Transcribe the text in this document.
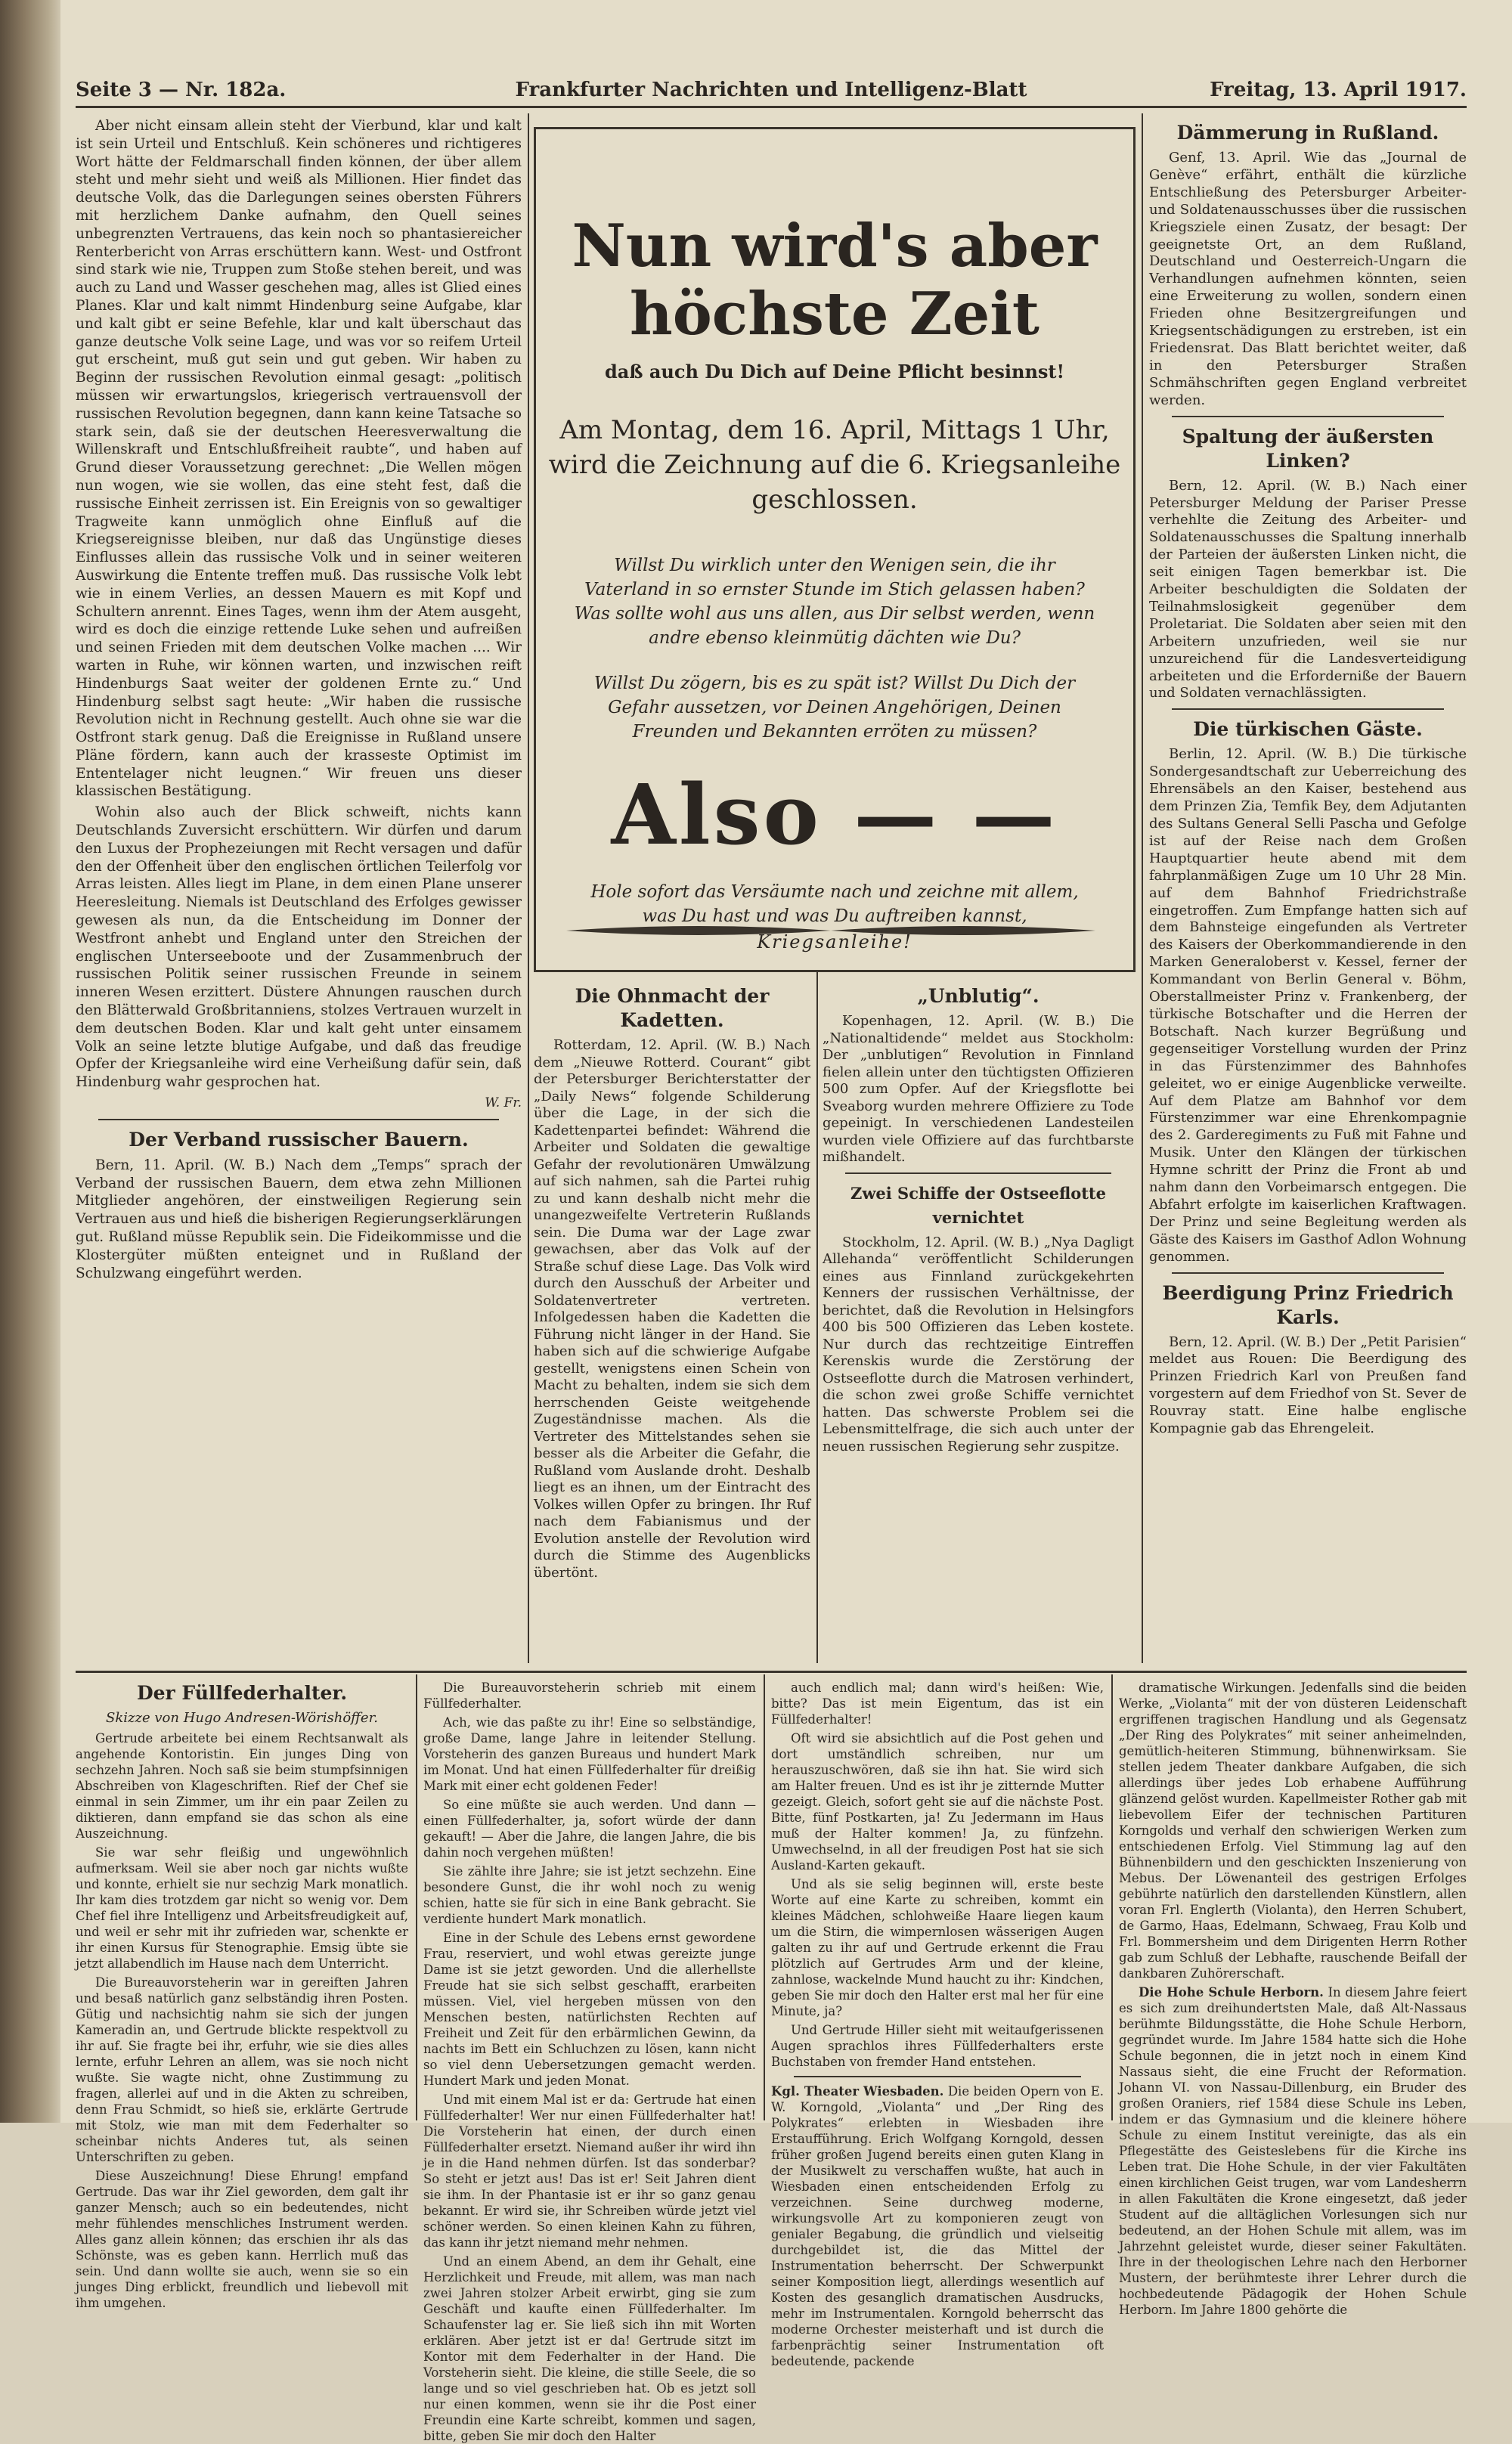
Seite 3 — Nr. 182a.	Frankfurter Nachrichten und Intelligenz-Blatt	Freitag, 13. April 1917.

Aber nicht einsam allein steht der Vierbund, klar und kalt ist sein Urteil und Entschluß. Kein schöneres und richtigeres Wort hätte der Feldmarschall finden können, der über allem steht und mehr sieht und weiß als Millionen. Hier findet das deutsche Volk, das die Darlegungen seines obersten Führers mit herzlichem Danke aufnahm, den Quell seines unbegrenzten Vertrauens, das kein noch so phantasiereicher Renterbericht von Arras erschüttern kann. West- und Ostfront sind stark wie nie, Truppen zum Stoße stehen bereit, und was auch zu Land und Wasser geschehen mag, alles ist Glied eines Planes. Klar und kalt nimmt Hindenburg seine Aufgabe, klar und kalt gibt er seine Befehle, klar und kalt überschaut das ganze deutsche Volk seine Lage, und was vor so reifem Urteil gut erscheint, muß gut sein und gut geben. Wir haben zu Beginn der russischen Revolution einmal gesagt: „politisch müssen wir erwartungslos, kriegerisch vertrauensvoll der russischen Revolution begegnen, dann kann keine Tatsache so stark sein, daß sie der deutschen Heeresverwaltung die Willenskraft und Entschlußfreiheit raubte“, und haben auf Grund dieser Voraussetzung gerechnet: „Die Wellen mögen nun wogen, wie sie wollen, das eine steht fest, daß die russische Einheit zerrissen ist. Ein Ereignis von so gewaltiger Tragweite kann unmöglich ohne Einfluß auf die Kriegsereignisse bleiben, nur daß das Ungünstige dieses Einflusses allein das russische Volk und in seiner weiteren Auswirkung die Entente treffen muß. Das russische Volk lebt wie in einem Verlies, an dessen Mauern es mit Kopf und Schultern anrennt. Eines Tages, wenn ihm der Atem ausgeht, wird es doch die einzige rettende Luke sehen und aufreißen und seinen Frieden mit dem deutschen Volke machen .... Wir warten in Ruhe, wir können warten, und inzwischen reift Hindenburgs Saat weiter der goldenen Ernte zu.“ Und Hindenburg selbst sagt heute: „Wir haben die russische Revolution nicht in Rechnung gestellt. Auch ohne sie war die Ostfront stark genug. Daß die Ereignisse in Rußland unsere Pläne fördern, kann auch der krasseste Optimist im Ententelager nicht leugnen.“ Wir freuen uns dieser klassischen Bestätigung.

Wohin also auch der Blick schweift, nichts kann Deutschlands Zuversicht erschüttern. Wir dürfen und darum den Luxus der Prophezeiungen mit Recht versagen und dafür den der Offenheit über den englischen örtlichen Teilerfolg vor Arras leisten. Alles liegt im Plane, in dem einen Plane unserer Heeresleitung. Niemals ist Deutschland des Erfolges gewisser gewesen als nun, da die Entscheidung im Donner der Westfront anhebt und England unter den Streichen der englischen Unterseeboote und der Zusammenbruch der russischen Politik seiner russischen Freunde in seinem inneren Wesen erzittert. Düstere Ahnungen rauschen durch den Blätterwald Großbritanniens, stolzes Vertrauen wurzelt in dem deutschen Boden. Klar und kalt geht unter einsamem Volk an seine letzte blutige Aufgabe, und daß das freudige Opfer der Kriegsanleihe wird eine Verheißung dafür sein, daß Hindenburg wahr gesprochen hat.

W. Fr.

Der Verband russischer Bauern.

Bern, 11. April. (W. B.) Nach dem „Temps“ sprach der Verband der russischen Bauern, dem etwa zehn Millionen Mitglieder angehören, der einstweiligen Regierung sein Vertrauen aus und hieß die bisherigen Regierungserklärungen gut. Rußland müsse Republik sein. Die Fideikommisse und die Klostergüter müßten enteignet und in Rußland der Schulzwang eingeführt werden.

Nun wird's aber höchste Zeit
daß auch Du Dich auf Deine Pflicht besinnst!
Am Montag, dem 16. April, Mittags 1 Uhr, wird die Zeichnung auf die 6. Kriegsanleihe geschlossen.
Willst Du wirklich unter den Wenigen sein, die ihr Vaterland in so ernster Stunde im Stich gelassen haben? Was sollte wohl aus uns allen, aus Dir selbst werden, wenn andre ebenso kleinmütig dächten wie Du?
Willst Du zögern, bis es zu spät ist? Willst Du Dich der Gefahr aussetzen, vor Deinen Angehörigen, Deinen Freunden und Bekannten erröten zu müssen?
Also — —
Hole sofort das Versäumte nach und zeichne mit allem, was Du hast und was Du auftreiben kannst,
Kriegsanleihe!
Die Ohnmacht der Kadetten.

Rotterdam, 12. April. (W. B.) Nach dem „Nieuwe Rotterd. Courant“ gibt der Petersburger Berichterstatter der „Daily News“ folgende Schilderung über die Lage, in der sich die Kadettenpartei befindet: Während die Arbeiter und Soldaten die gewaltige Gefahr der revolutionären Umwälzung auf sich nahmen, sah die Partei ruhig zu und kann deshalb nicht mehr die unangezweifelte Vertreterin Rußlands sein. Die Duma war der Lage zwar gewachsen, aber das Volk auf der Straße schuf diese Lage. Das Volk wird durch den Ausschuß der Arbeiter und Soldatenvertreter vertreten. Infolgedessen haben die Kadetten die Führung nicht länger in der Hand. Sie haben sich auf die schwierige Aufgabe gestellt, wenigstens einen Schein von Macht zu behalten, indem sie sich dem herrschenden Geiste weitgehende Zugeständnisse machen. Als die Vertreter des Mittelstandes sehen sie besser als die Arbeiter die Gefahr, die Rußland vom Auslande droht. Deshalb liegt es an ihnen, um der Eintracht des Volkes willen Opfer zu bringen. Ihr Ruf nach dem Fabianismus und der Evolution anstelle der Revolution wird durch die Stimme des Augenblicks übertönt.

„Unblutig“.

Kopenhagen, 12. April. (W. B.) Die „Nationaltidende“ meldet aus Stockholm: Der „unblutigen“ Revolution in Finnland fielen allein unter den tüchtigsten Offizieren 500 zum Opfer. Auf der Kriegsflotte bei Sveaborg wurden mehrere Offiziere zu Tode gepeinigt. In verschiedenen Landesteilen wurden viele Offiziere auf das furchtbarste mißhandelt.

Zwei Schiffe der Ostseeflotte vernichtet

Stockholm, 12. April. (W. B.) „Nya Dagligt Allehanda“ veröffentlicht Schilderungen eines aus Finnland zurückgekehrten Kenners der russischen Verhältnisse, der berichtet, daß die Revolution in Helsingfors 400 bis 500 Offizieren das Leben kostete. Nur durch das rechtzeitige Eintreffen Kerenskis wurde die Zerstörung der Ostseeflotte durch die Matrosen verhindert, die schon zwei große Schiffe vernichtet hatten. Das schwerste Problem sei die Lebensmittelfrage, die sich auch unter der neuen russischen Regierung sehr zuspitze.

Dämmerung in Rußland.

Genf, 13. April. Wie das „Journal de Genève“ erfährt, enthält die kürzliche Entschließung des Petersburger Arbeiter- und Soldatenausschusses über die russischen Kriegsziele einen Zusatz, der besagt: Der geeignetste Ort, an dem Rußland, Deutschland und Oesterreich-Ungarn die Verhandlungen aufnehmen könnten, seien eine Erweiterung zu wollen, sondern einen Frieden ohne Besitzergreifungen und Kriegsentschädigungen zu erstreben, ist ein Friedensrat. Das Blatt berichtet weiter, daß in den Petersburger Straßen Schmähschriften gegen England verbreitet werden.

Spaltung der äußersten Linken?

Bern, 12. April. (W. B.) Nach einer Petersburger Meldung der Pariser Presse verhehlte die Zeitung des Arbeiter- und Soldatenausschusses die Spaltung innerhalb der Parteien der äußersten Linken nicht, die seit einigen Tagen bemerkbar ist. Die Arbeiter beschuldigten die Soldaten der Teilnahmslosigkeit gegenüber dem Proletariat. Die Soldaten aber seien mit den Arbeitern unzufrieden, weil sie nur unzureichend für die Landesverteidigung arbeiteten und die Erforderniße der Bauern und Soldaten vernachlässigten.

Die türkischen Gäste.

Berlin, 12. April. (W. B.) Die türkische Sondergesandtschaft zur Ueberreichung des Ehrensäbels an den Kaiser, bestehend aus dem Prinzen Zia, Temfik Bey, dem Adjutanten des Sultans General Selli Pascha und Gefolge ist auf der Reise nach dem Großen Hauptquartier heute abend mit dem fahrplanmäßigen Zuge um 10 Uhr 28 Min. auf dem Bahnhof Friedrichstraße eingetroffen. Zum Empfange hatten sich auf dem Bahnsteige eingefunden als Vertreter des Kaisers der Oberkommandierende in den Marken Generaloberst v. Kessel, ferner der Kommandant von Berlin General v. Böhm, Oberstallmeister Prinz v. Frankenberg, der türkische Botschafter und die Herren der Botschaft. Nach kurzer Begrüßung und gegenseitiger Vorstellung wurden der Prinz in das Fürstenzimmer des Bahnhofes geleitet, wo er einige Augenblicke verweilte. Auf dem Platze am Bahnhof vor dem Fürstenzimmer war eine Ehrenkompagnie des 2. Garderegiments zu Fuß mit Fahne und Musik. Unter den Klängen der türkischen Hymne schritt der Prinz die Front ab und nahm dann den Vorbeimarsch entgegen. Die Abfahrt erfolgte im kaiserlichen Kraftwagen. Der Prinz und seine Begleitung werden als Gäste des Kaisers im Gasthof Adlon Wohnung genommen.

Beerdigung Prinz Friedrich Karls.

Bern, 12. April. (W. B.) Der „Petit Parisien“ meldet aus Rouen: Die Beerdigung des Prinzen Friedrich Karl von Preußen fand vorgestern auf dem Friedhof von St. Sever de Rouvray statt. Eine halbe englische Kompagnie gab das Ehrengeleit.

Der Füllfederhalter.
Skizze von Hugo Andresen-Wörishöffer.

Gertrude arbeitete bei einem Rechtsanwalt als angehende Kontoristin. Ein junges Ding von sechzehn Jahren. Noch saß sie beim stumpfsinnigen Abschreiben von Klageschriften. Rief der Chef sie einmal in sein Zimmer, um ihr ein paar Zeilen zu diktieren, dann empfand sie das schon als eine Auszeichnung.

Sie war sehr fleißig und ungewöhnlich aufmerksam. Weil sie aber noch gar nichts wußte und konnte, erhielt sie nur sechzig Mark monatlich. Ihr kam dies trotzdem gar nicht so wenig vor. Dem Chef fiel ihre Intelligenz und Arbeitsfreudigkeit auf, und weil er sehr mit ihr zufrieden war, schenkte er ihr einen Kursus für Stenographie. Emsig übte sie jetzt allabendlich im Hause nach dem Unterricht.

Die Bureauvorsteherin war in gereiften Jahren und besaß natürlich ganz selbständig ihren Posten. Gütig und nachsichtig nahm sie sich der jungen Kameradin an, und Gertrude blickte respektvoll zu ihr auf. Sie fragte bei ihr, erfuhr, wie sie dies alles lernte, erfuhr Lehren an allem, was sie noch nicht wußte. Sie wagte nicht, ohne Zustimmung zu fragen, allerlei auf und in die Akten zu schreiben, denn Frau Schmidt, so hieß sie, erklärte Gertrude mit Stolz, wie man mit dem Federhalter so scheinbar nichts Anderes tut, als seinen Unterschriften zu geben.

Diese Auszeichnung! Diese Ehrung! empfand Gertrude. Das war ihr Ziel geworden, dem galt ihr ganzer Mensch; auch so ein bedeutendes, nicht mehr fühlendes menschliches Instrument werden. Alles ganz allein können; das erschien ihr als das Schönste, was es geben kann. Herrlich muß das sein. Und dann wollte sie auch, wenn sie so ein junges Ding erblickt, freundlich und liebevoll mit ihm umgehen.

Die Bureauvorsteherin schrieb mit einem Füllfederhalter.

Ach, wie das paßte zu ihr! Eine so selbständige, große Dame, lange Jahre in leitender Stellung. Vorsteherin des ganzen Bureaus und hundert Mark im Monat. Und hat einen Füllfederhalter für dreißig Mark mit einer echt goldenen Feder!

So eine müßte sie auch werden. Und dann — einen Füllfederhalter, ja, sofort würde der dann gekauft! — Aber die Jahre, die langen Jahre, die bis dahin noch vergehen müßten!

Sie zählte ihre Jahre; sie ist jetzt sechzehn. Eine besondere Gunst, die ihr wohl noch zu wenig schien, hatte sie für sich in eine Bank gebracht. Sie verdiente hundert Mark monatlich.

Eine in der Schule des Lebens ernst gewordene Frau, reserviert, und wohl etwas gereizte junge Dame ist sie jetzt geworden. Und die allerhellste Freude hat sie sich selbst geschafft, erarbeiten müssen. Viel, viel hergeben müssen von den Menschen besten, natürlichsten Rechten auf Freiheit und Zeit für den erbärmlichen Gewinn, da nachts im Bett ein Schluchzen zu lösen, kann nicht so viel denn Uebersetzungen gemacht werden. Hundert Mark und jeden Monat.

Und mit einem Mal ist er da: Gertrude hat einen Füllfederhalter! Wer nur einen Füllfederhalter hat! Die Vorsteherin hat einen, der durch einen Füllfederhalter ersetzt. Niemand außer ihr wird ihn je in die Hand nehmen dürfen. Ist das sonderbar? So steht er jetzt aus! Das ist er! Seit Jahren dient sie ihm. In der Phantasie ist er ihr so ganz genau bekannt. Er wird sie, ihr Schreiben würde jetzt viel schöner werden. So einen kleinen Kahn zu führen, das kann ihr jetzt niemand mehr nehmen.

Und an einem Abend, an dem ihr Gehalt, eine Herzlichkeit und Freude, mit allem, was man nach zwei Jahren stolzer Arbeit erwirbt, ging sie zum Geschäft und kaufte einen Füllfederhalter. Im Schaufenster lag er. Sie ließ sich ihn mit Worten erklären. Aber jetzt ist er da! Gertrude sitzt im Kontor mit dem Federhalter in der Hand. Die Vorsteherin sieht. Die kleine, die stille Seele, die so lange und so viel geschrieben hat. Ob es jetzt soll nur einen kommen, wenn sie ihr die Post einer Freundin eine Karte schreibt, kommen und sagen, bitte, geben Sie mir doch den Halter

auch endlich mal; dann wird's heißen: Wie, bitte? Das ist mein Eigentum, das ist ein Füllfederhalter!

Oft wird sie absichtlich auf die Post gehen und dort umständlich schreiben, nur um herauszuschwören, daß sie ihn hat. Sie wird sich am Halter freuen. Und es ist ihr je zitternde Mutter gezeigt. Gleich, sofort geht sie auf die nächste Post. Bitte, fünf Postkarten, ja! Zu Jedermann im Haus muß der Halter kommen! Ja, zu fünfzehn. Umwechselnd, in all der freudigen Post hat sie sich Ausland-Karten gekauft.

Und als sie selig beginnen will, erste beste Worte auf eine Karte zu schreiben, kommt ein kleines Mädchen, schlohweiße Haare liegen kaum um die Stirn, die wimpernlosen wässerigen Augen galten zu ihr auf und Gertrude erkennt die Frau plötzlich auf Gertrudes Arm und der kleine, zahnlose, wackelnde Mund haucht zu ihr: Kindchen, geben Sie mir doch den Halter erst mal her für eine Minute, ja?

Und Gertrude Hiller sieht mit weitaufgerissenen Augen sprachlos ihres Füllfederhalters erste Buchstaben von fremder Hand entstehen.

Kgl. Theater Wiesbaden. Die beiden Opern von E. W. Korngold, „Violanta“ und „Der Ring des Polykrates“ erlebten in Wiesbaden ihre Erstaufführung. Erich Wolfgang Korngold, dessen früher großen Jugend bereits einen guten Klang in der Musikwelt zu verschaffen wußte, hat auch in Wiesbaden einen entscheidenden Erfolg zu verzeichnen. Seine durchweg moderne, wirkungsvolle Art zu komponieren zeugt von genialer Begabung, die gründlich und vielseitig durchgebildet ist, die das Mittel der Instrumentation beherrscht. Der Schwerpunkt seiner Komposition liegt, allerdings wesentlich auf Kosten des gesanglich dramatischen Ausdrucks, mehr im Instrumentalen. Korngold beherrscht das moderne Orchester meisterhaft und ist durch die farbenprächtig seiner Instrumentation oft bedeutende, packende

dramatische Wirkungen. Jedenfalls sind die beiden Werke, „Violanta“ mit der von düsteren Leidenschaft ergriffenen tragischen Handlung und als Gegensatz „Der Ring des Polykrates“ mit seiner anheimelnden, gemütlich-heiteren Stimmung, bühnenwirksam. Sie stellen jedem Theater dankbare Aufgaben, die sich allerdings über jedes Lob erhabene Aufführung glänzend gelöst wurden. Kapellmeister Rother gab mit liebevollem Eifer der technischen Partituren Korngolds und verhalf den schwierigen Werken zum entschiedenen Erfolg. Viel Stimmung lag auf den Bühnenbildern und den geschickten Inszenierung von Mebus. Der Löwenanteil des gestrigen Erfolges gebührte natürlich den darstellenden Künstlern, allen voran Frl. Englerth (Violanta), den Herren Schubert, de Garmo, Haas, Edelmann, Schwaeg, Frau Kolb und Frl. Bommersheim und dem Dirigenten Herrn Rother gab zum Schluß der Lebhafte, rauschende Beifall der dankbaren Zuhörerschaft.

Die Hohe Schule Herborn. In diesem Jahre feiert es sich zum dreihundertsten Male, daß Alt-Nassaus berühmte Bildungsstätte, die Hohe Schule Herborn, gegründet wurde. Im Jahre 1584 hatte sich die Hohe Schule begonnen, die in jetzt noch in einem Kind Nassaus sieht, die eine Frucht der Reformation. Johann VI. von Nassau-Dillenburg, ein Bruder des großen Oraniers, rief 1584 diese Schule ins Leben, indem er das Gymnasium und die kleinere höhere Schule zu einem Institut vereinigte, das als ein Pflegestätte des Geisteslebens für die Kirche ins Leben trat. Die Hohe Schule, in der vier Fakultäten einen kirchlichen Geist trugen, war vom Landesherrn in allen Fakultäten die Krone eingesetzt, daß jeder Student auf die alltäglichen Vorlesungen sich nur bedeutend, an der Hohen Schule mit allem, was im Jahrzehnt geleistet wurde, dieser seiner Fakultäten. Ihre in der theologischen Lehre nach den Herborner Mustern, der berühmteste ihrer Lehrer durch die hochbedeutende Pädagogik der Hohen Schule Herborn. Im Jahre 1800 gehörte die
